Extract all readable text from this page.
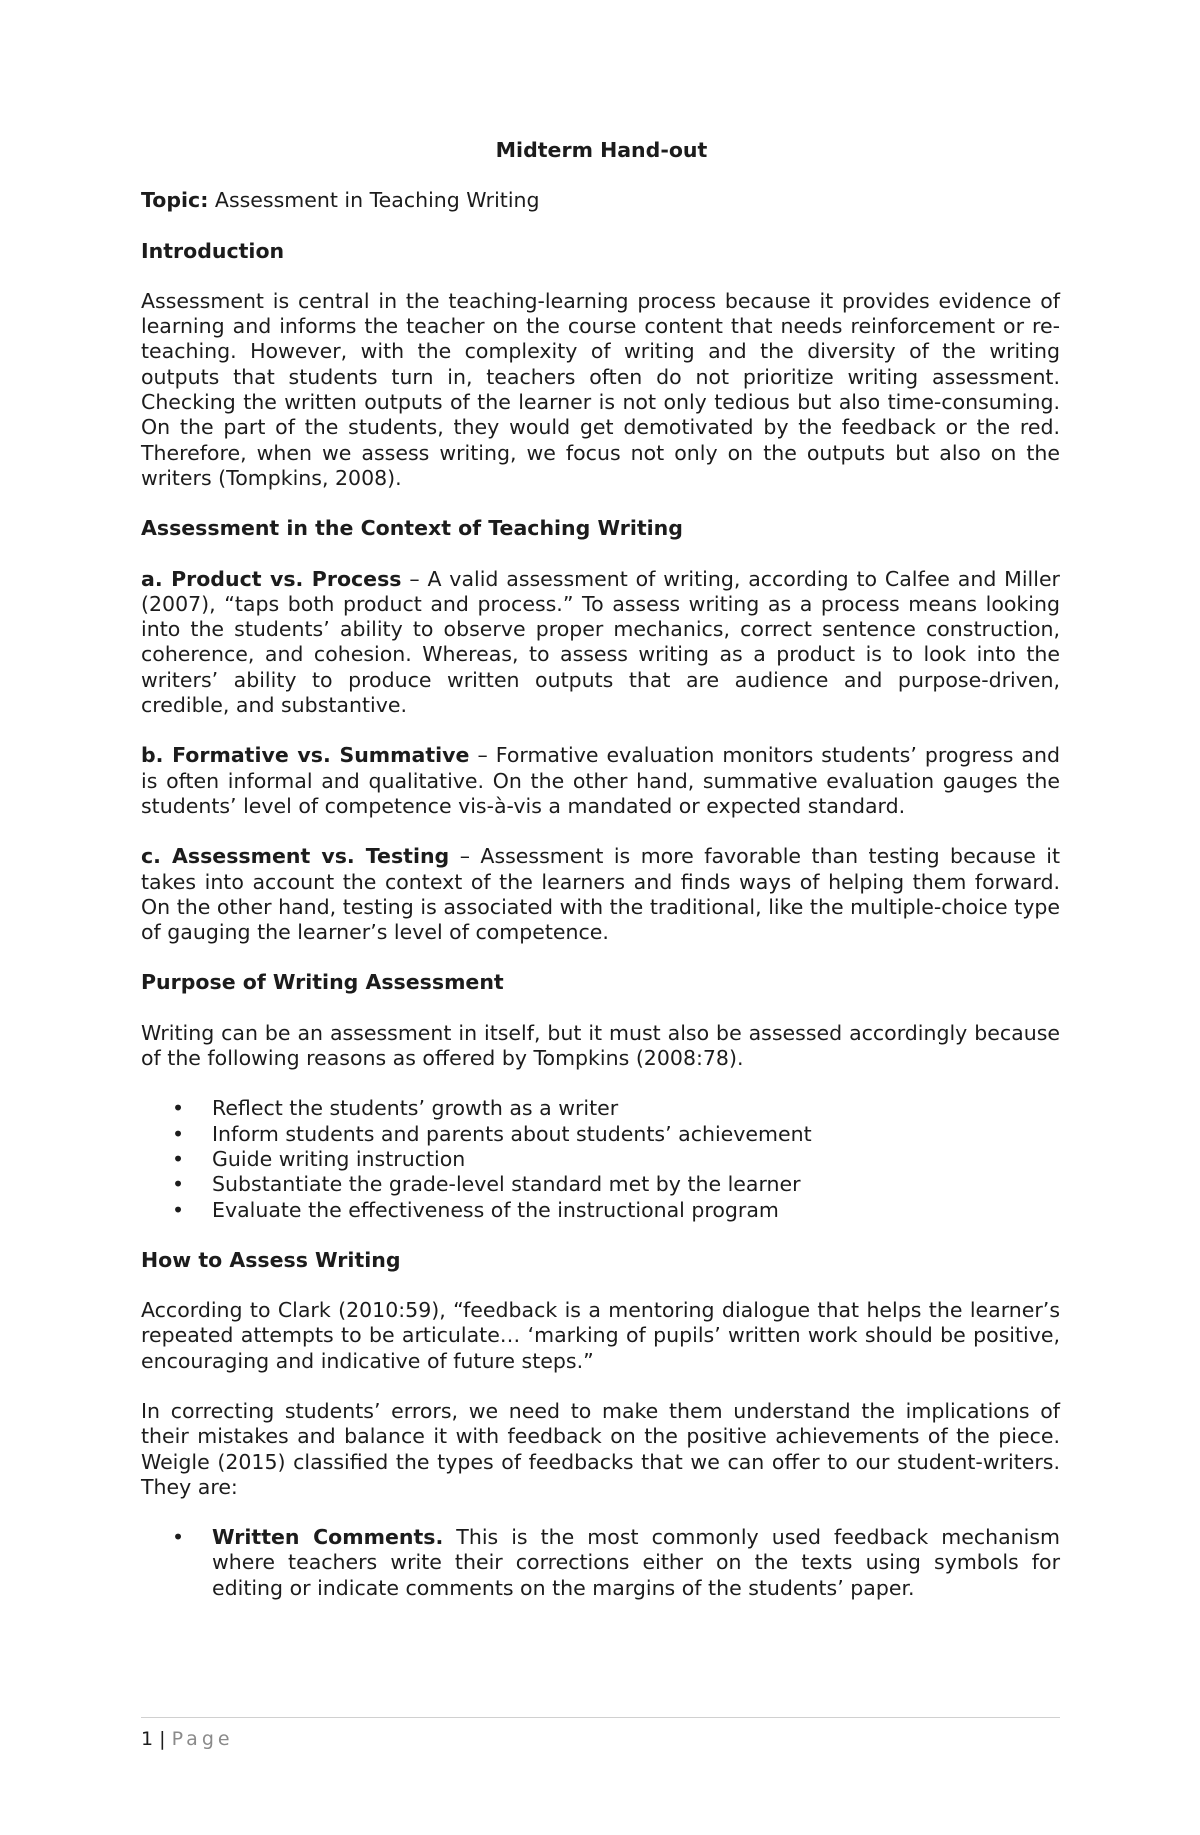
Midterm Hand-out
Topic: Assessment in Teaching Writing
Introduction

Assessment is central in the teaching-learning process because it provides evidence of learning and informs the teacher on the course content that needs reinforcement or re-teaching. However, with the complexity of writing and the diversity of the writing outputs that students turn in, teachers often do not prioritize writing assessment. Checking the written outputs of the learner is not only tedious but also time-consuming. On the part of the students, they would get demotivated by the feedback or the red. Therefore, when we assess writing, we focus not only on the outputs but also on the writers (Tompkins, 2008).

Assessment in the Context of Teaching Writing

a. Product vs. Process – A valid assessment of writing, according to Calfee and Miller (2007), “taps both product and process.” To assess writing as a process means looking into the students’ ability to observe proper mechanics, correct sentence construction, coherence, and cohesion. Whereas, to assess writing as a product is to look into the writers’ ability to produce written outputs that are audience and purpose-driven, credible, and substantive.

b. Formative vs. Summative – Formative evaluation monitors students’ progress and is often informal and qualitative. On the other hand, summative evaluation gauges the students’ level of competence vis-à-vis a mandated or expected standard.

c. Assessment vs. Testing – Assessment is more favorable than testing because it takes into account the context of the learners and finds ways of helping them forward. On the other hand, testing is associated with the traditional, like the multiple-choice type of gauging the learner’s level of competence.

Purpose of Writing Assessment

Writing can be an assessment in itself, but it must also be assessed accordingly because of the following reasons as offered by Tompkins (2008:78).

•	Reflect the students’ growth as a writer
•	Inform students and parents about students’ achievement
•	Guide writing instruction
•	Substantiate the grade-level standard met by the learner
•	Evaluate the effectiveness of the instructional program
How to Assess Writing

According to Clark (2010:59), “feedback is a mentoring dialogue that helps the learner’s repeated attempts to be articulate… ‘marking of pupils’ written work should be positive, encouraging and indicative of future steps.”

In correcting students’ errors, we need to make them understand the implications of their mistakes and balance it with feedback on the positive achievements of the piece. Weigle (2015) classified the types of feedbacks that we can offer to our student-writers. They are:

•	Written Comments. This is the most commonly used feedback mechanism where teachers write their corrections either on the texts using symbols for editing or indicate comments on the margins of the students’ paper.
1 | Page
